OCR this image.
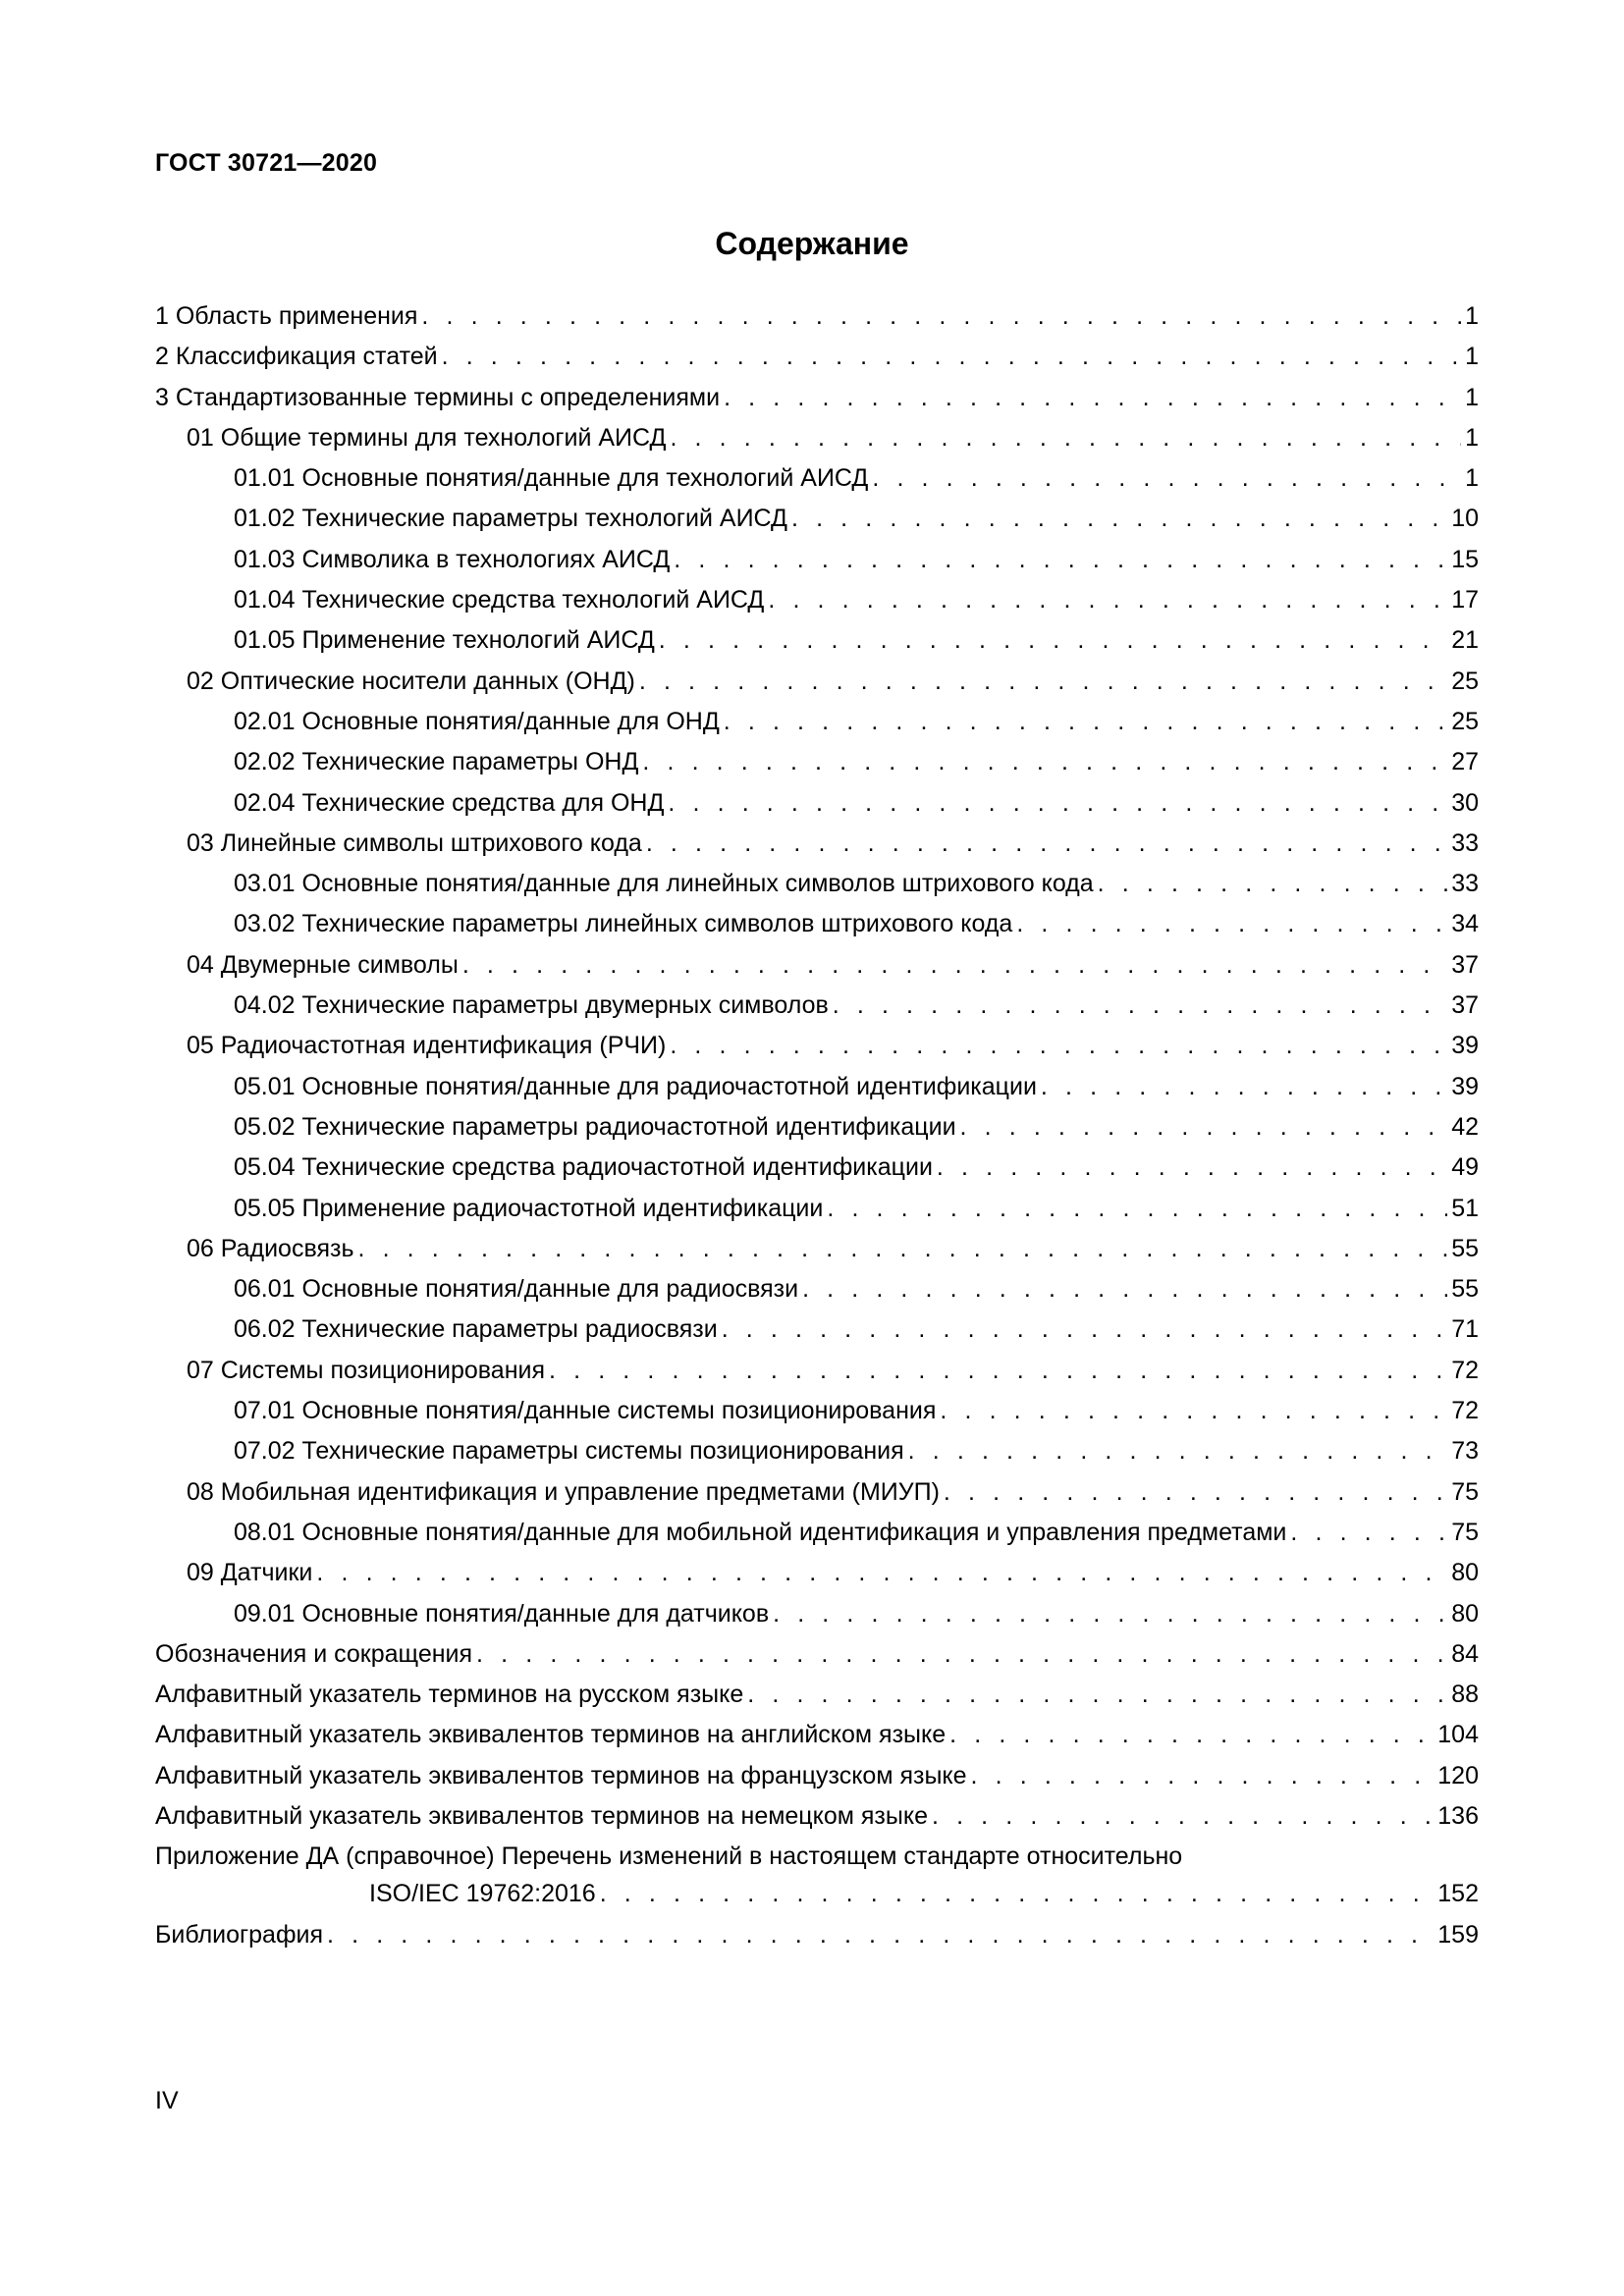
ГОСТ 30721—2020
Содержание
1 Область применения . . .	1
2 Классификация статей . . .	1
3 Стандартизованные термины с определениями . . .	1
01 Общие термины для технологий АИСД . . .	1
01.01 Основные понятия/данные для технологий АИСД . . .	1
01.02 Технические параметры технологий АИСД . . .	10
01.03 Символика в технологиях АИСД . . .	15
01.04 Технические средства технологий АИСД . . .	17
01.05 Применение технологий АИСД . . .	21
02 Оптические носители данных (ОНД) . . .	25
02.01 Основные понятия/данные для ОНД . . .	25
02.02 Технические параметры ОНД . . .	27
02.04 Технические средства для ОНД . . .	30
03 Линейные символы штрихового кода . . .	33
03.01 Основные понятия/данные для линейных символов штрихового кода . . .	33
03.02 Технические параметры линейных символов штрихового кода . . .	34
04 Двумерные символы . . .	37
04.02 Технические параметры двумерных символов . . .	37
05 Радиочастотная идентификация (РЧИ) . . .	39
05.01 Основные понятия/данные для радиочастотной идентификации . . .	39
05.02 Технические параметры радиочастотной идентификации . . .	42
05.04 Технические средства радиочастотной идентификации . . .	49
05.05 Применение радиочастотной идентификации . . .	51
06 Радиосвязь . . .	55
06.01 Основные понятия/данные для радиосвязи . . .	55
06.02 Технические параметры радиосвязи . . .	71
07 Системы позиционирования . . .	72
07.01 Основные понятия/данные системы позиционирования . . .	72
07.02 Технические параметры системы позиционирования . . .	73
08 Мобильная идентификация и управление предметами (МИУП) . . .	75
08.01 Основные понятия/данные для мобильной идентификация и управления предметами . . .	75
09 Датчики . . .	80
09.01 Основные понятия/данные для датчиков . . .	80
Обозначения и сокращения . . .	84
Алфавитный указатель терминов на русском языке . . .	88
Алфавитный указатель эквивалентов терминов на английском языке . . .	104
Алфавитный указатель эквивалентов терминов на французском языке . . .	120
Алфавитный указатель эквивалентов терминов на немецком языке . . .	136
Приложение ДА (справочное) Перечень изменений в настоящем стандарте относительно
ISO/IEC 19762:2016 . . .	152
Библиография . . .	159
IV
